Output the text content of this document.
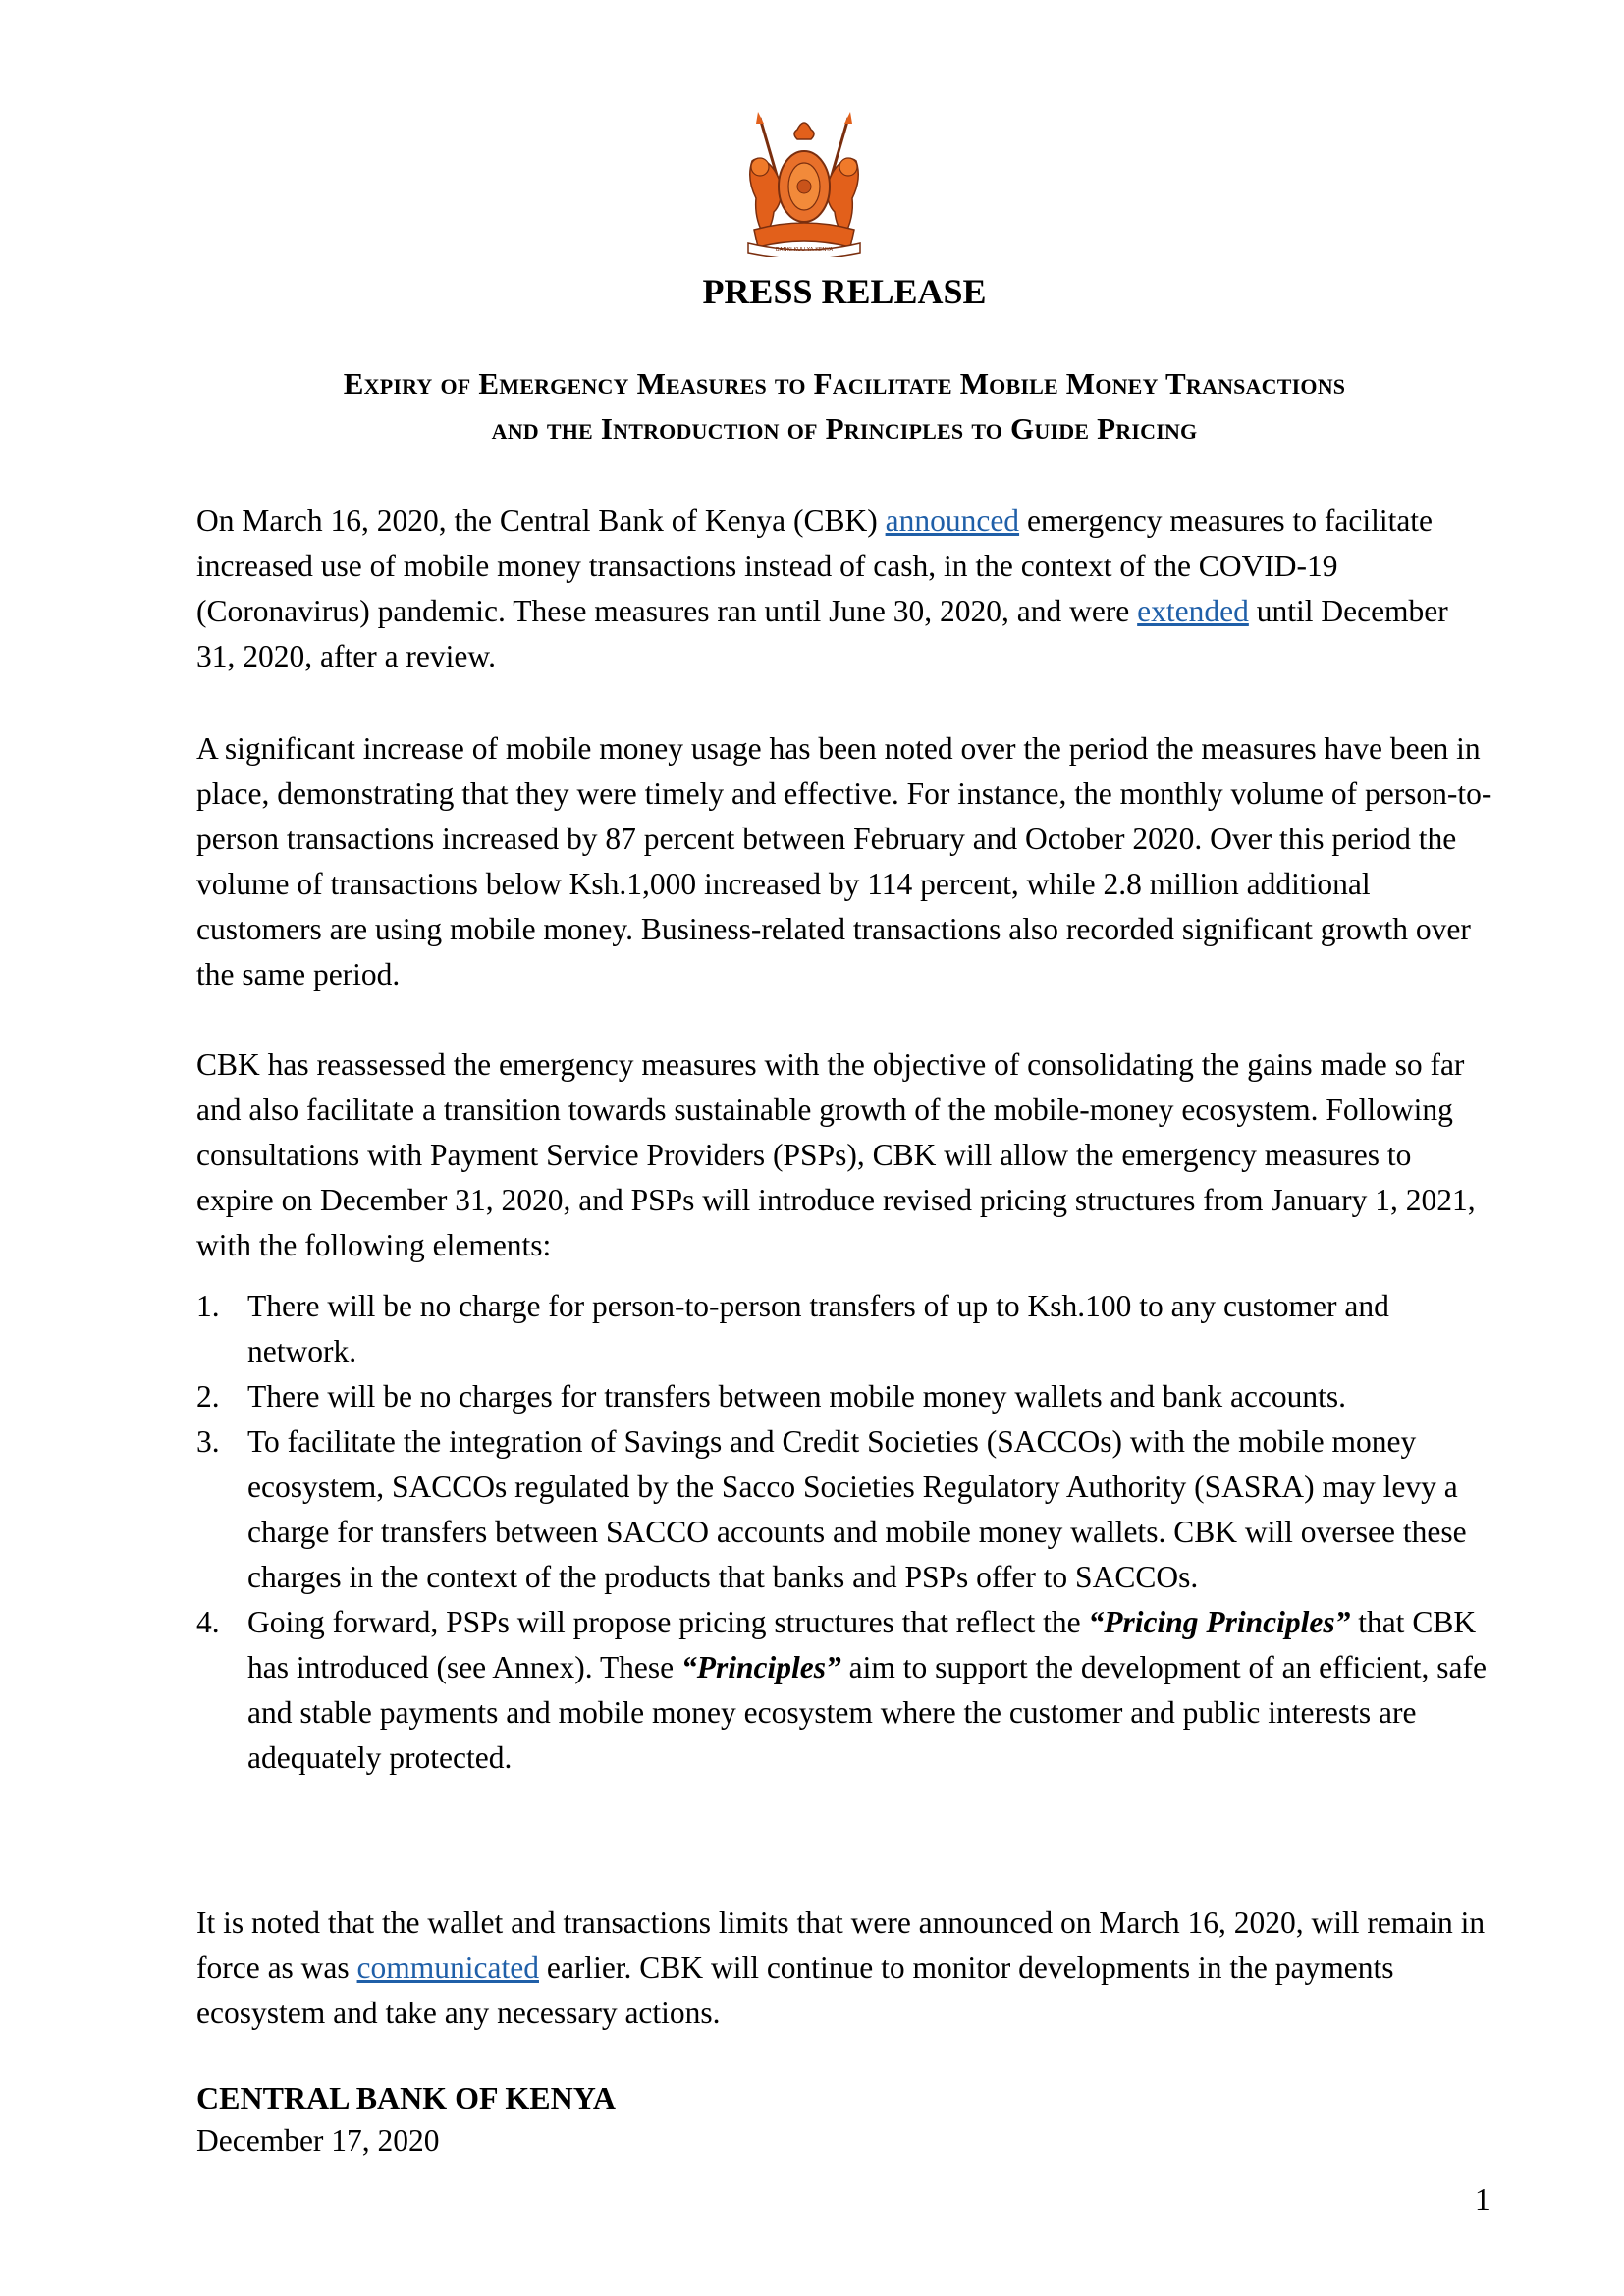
BANKI KUU YA KENYA
PRESS RELEASE
Expiry of Emergency Measures to Facilitate Mobile Money Transactions
and the Introduction of Principles to Guide Pricing

On March 16, 2020, the Central Bank of Kenya (CBK) announced emergency measures to facilitate increased use of mobile money transactions instead of cash, in the context of the COVID-19 (Coronavirus) pandemic. These measures ran until June 30, 2020, and were extended until December 31, 2020, after a review.

A significant increase of mobile money usage has been noted over the period the measures have been in place, demonstrating that they were timely and effective. For instance, the monthly volume of person-to-person transactions increased by 87 percent between February and October 2020. Over this period the volume of transactions below Ksh.1,000 increased by 114 percent, while 2.8 million additional customers are using mobile money. Business-related transactions also recorded significant growth over the same period.

CBK has reassessed the emergency measures with the objective of consolidating the gains made so far and also facilitate a transition towards sustainable growth of the mobile-money ecosystem. Following consultations with Payment Service Providers (PSPs), CBK will allow the emergency measures to expire on December 31, 2020, and PSPs will introduce revised pricing structures from January 1, 2021, with the following elements:

1. There will be no charge for person-to-person transfers of up to Ksh.100 to any customer and network.
2. There will be no charges for transfers between mobile money wallets and bank accounts.
3. To facilitate the integration of Savings and Credit Societies (SACCOs) with the mobile money ecosystem, SACCOs regulated by the Sacco Societies Regulatory Authority (SASRA) may levy a charge for transfers between SACCO accounts and mobile money wallets. CBK will oversee these charges in the context of the products that banks and PSPs offer to SACCOs.
4. Going forward, PSPs will propose pricing structures that reflect the “Pricing Principles” that CBK has introduced (see Annex). These “Principles” aim to support the development of an efficient, safe and stable payments and mobile money ecosystem where the customer and public interests are adequately protected.

It is noted that the wallet and transactions limits that were announced on March 16, 2020, will remain in force as was communicated earlier. CBK will continue to monitor developments in the payments ecosystem and take any necessary actions.

CENTRAL BANK OF KENYA
December 17, 2020
1
